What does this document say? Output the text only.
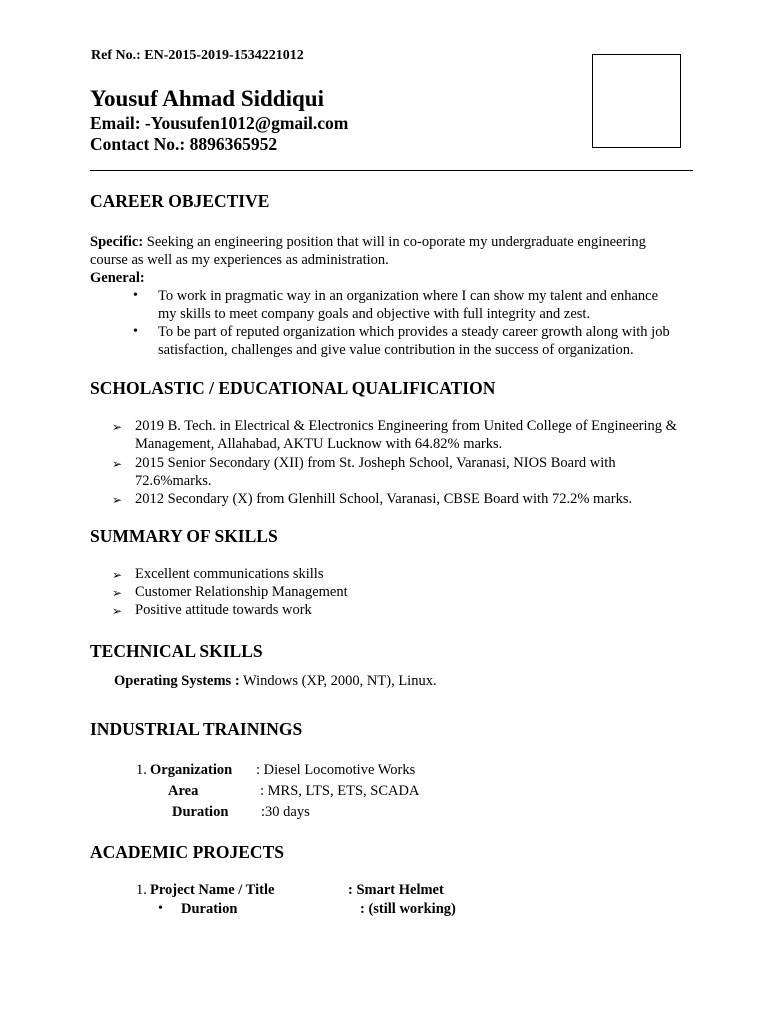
Ref No.: EN-2015-2019-1534221012
Yousuf Ahmad Siddiqui
Email: -Yousufen1012@gmail.com
Contact No.: 8896365952
CAREER OBJECTIVE
Specific: Seeking an engineering position that will in co-oporate my undergraduate engineering
course as well as my experiences as administration.
General:
• To work in pragmatic way in an organization where I can show my talent and enhance
my skills to meet company goals and objective with full integrity and zest.
• To be part of reputed organization which provides a steady career growth along with job
satisfaction, challenges and give value contribution in the success of organization.
SCHOLASTIC / EDUCATIONAL QUALIFICATION
➢ 2019 B. Tech. in Electrical & Electronics Engineering from United College of Engineering &
Management, Allahabad, AKTU Lucknow with 64.82% marks.
➢ 2015 Senior Secondary (XII) from St. Josheph School, Varanasi, NIOS Board with
72.6%marks.
➢ 2012 Secondary (X) from Glenhill School, Varanasi, CBSE Board with 72.2% marks.
SUMMARY OF SKILLS
➢ Excellent communications skills
➢ Customer Relationship Management
➢ Positive attitude towards work
TECHNICAL SKILLS
Operating Systems : Windows (XP, 2000, NT), Linux.
INDUSTRIAL TRAININGS
1. Organization : Diesel Locomotive Works
Area	: MRS, LTS, ETS, SCADA
Duration :30 days
ACADEMIC PROJECTS
1. Project Name / Title	: Smart Helmet
• Duration	: (still working)
